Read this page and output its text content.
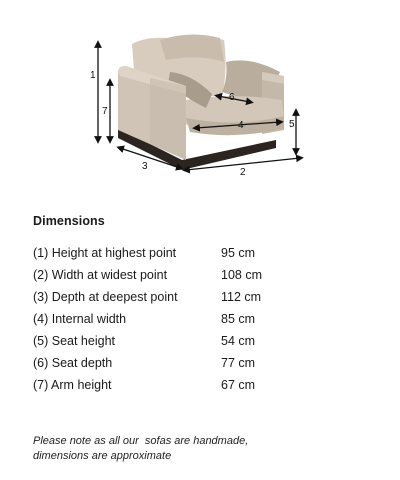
1
2
3
4	5
6
7
Dimensions
(1) Height at highest point	95 cm
(2) Width at widest point	108 cm
(3) Depth at deepest point	112 cm
(4) Internal width	85 cm
(5) Seat height	54 cm
(6) Seat depth	77 cm
(7) Arm height	67 cm
Please note as all our  sofas are handmade,
dimensions are approximate
